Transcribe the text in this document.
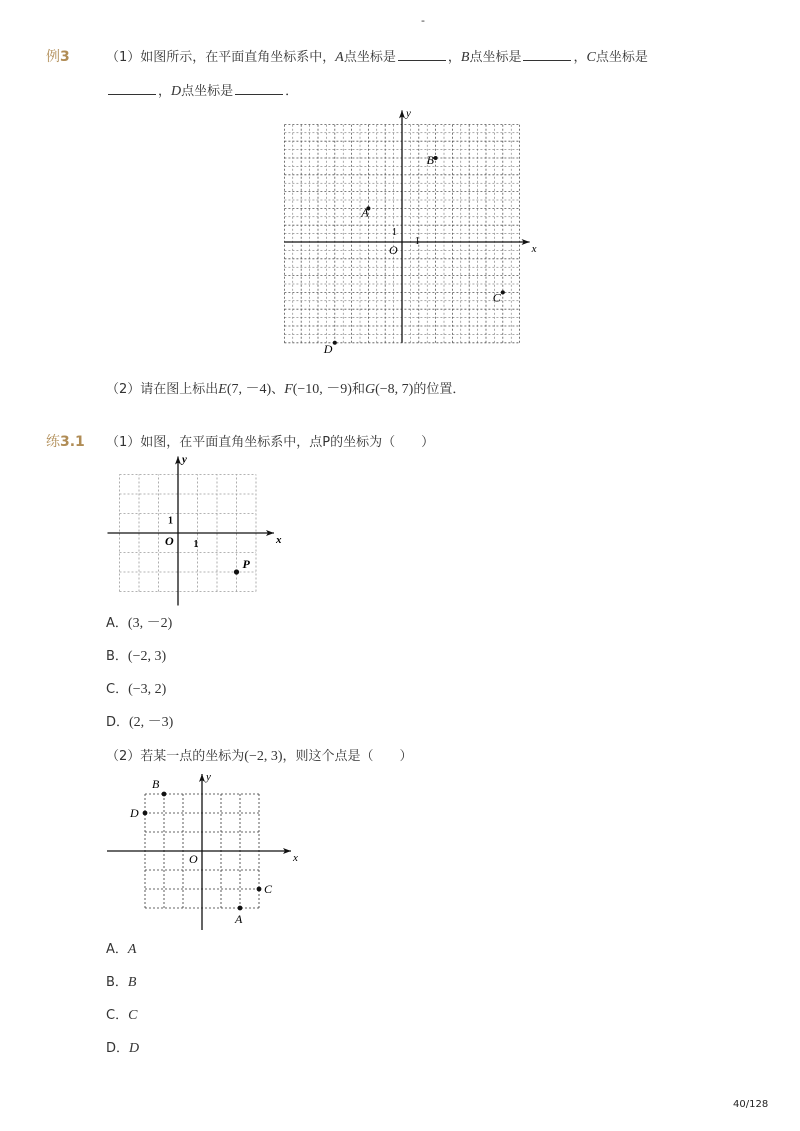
-
例3	（1）如图所示，在平面直角坐标系中，A点坐标是	，B点坐标是	，C点坐标是
，D点坐标是	．
x
y
O
1
1
A
B
C
D
（2）请在图上标出E(7, －4)、F(−10, －9)和G(−8, 7)的位置．
练3.1 （1）如图，在平面直角坐标系中，点P的坐标为（　　）
x
y
O
1
1
P
A．(3, －2)
B．(−2, 3)
C．(−3, 2)
D．(2, －3)
（2）若某一点的坐标为(−2, 3)，则这个点是（　　）
x
y
O
B
D
C
A
A．A
B．B
C．C
D．D
40/128
